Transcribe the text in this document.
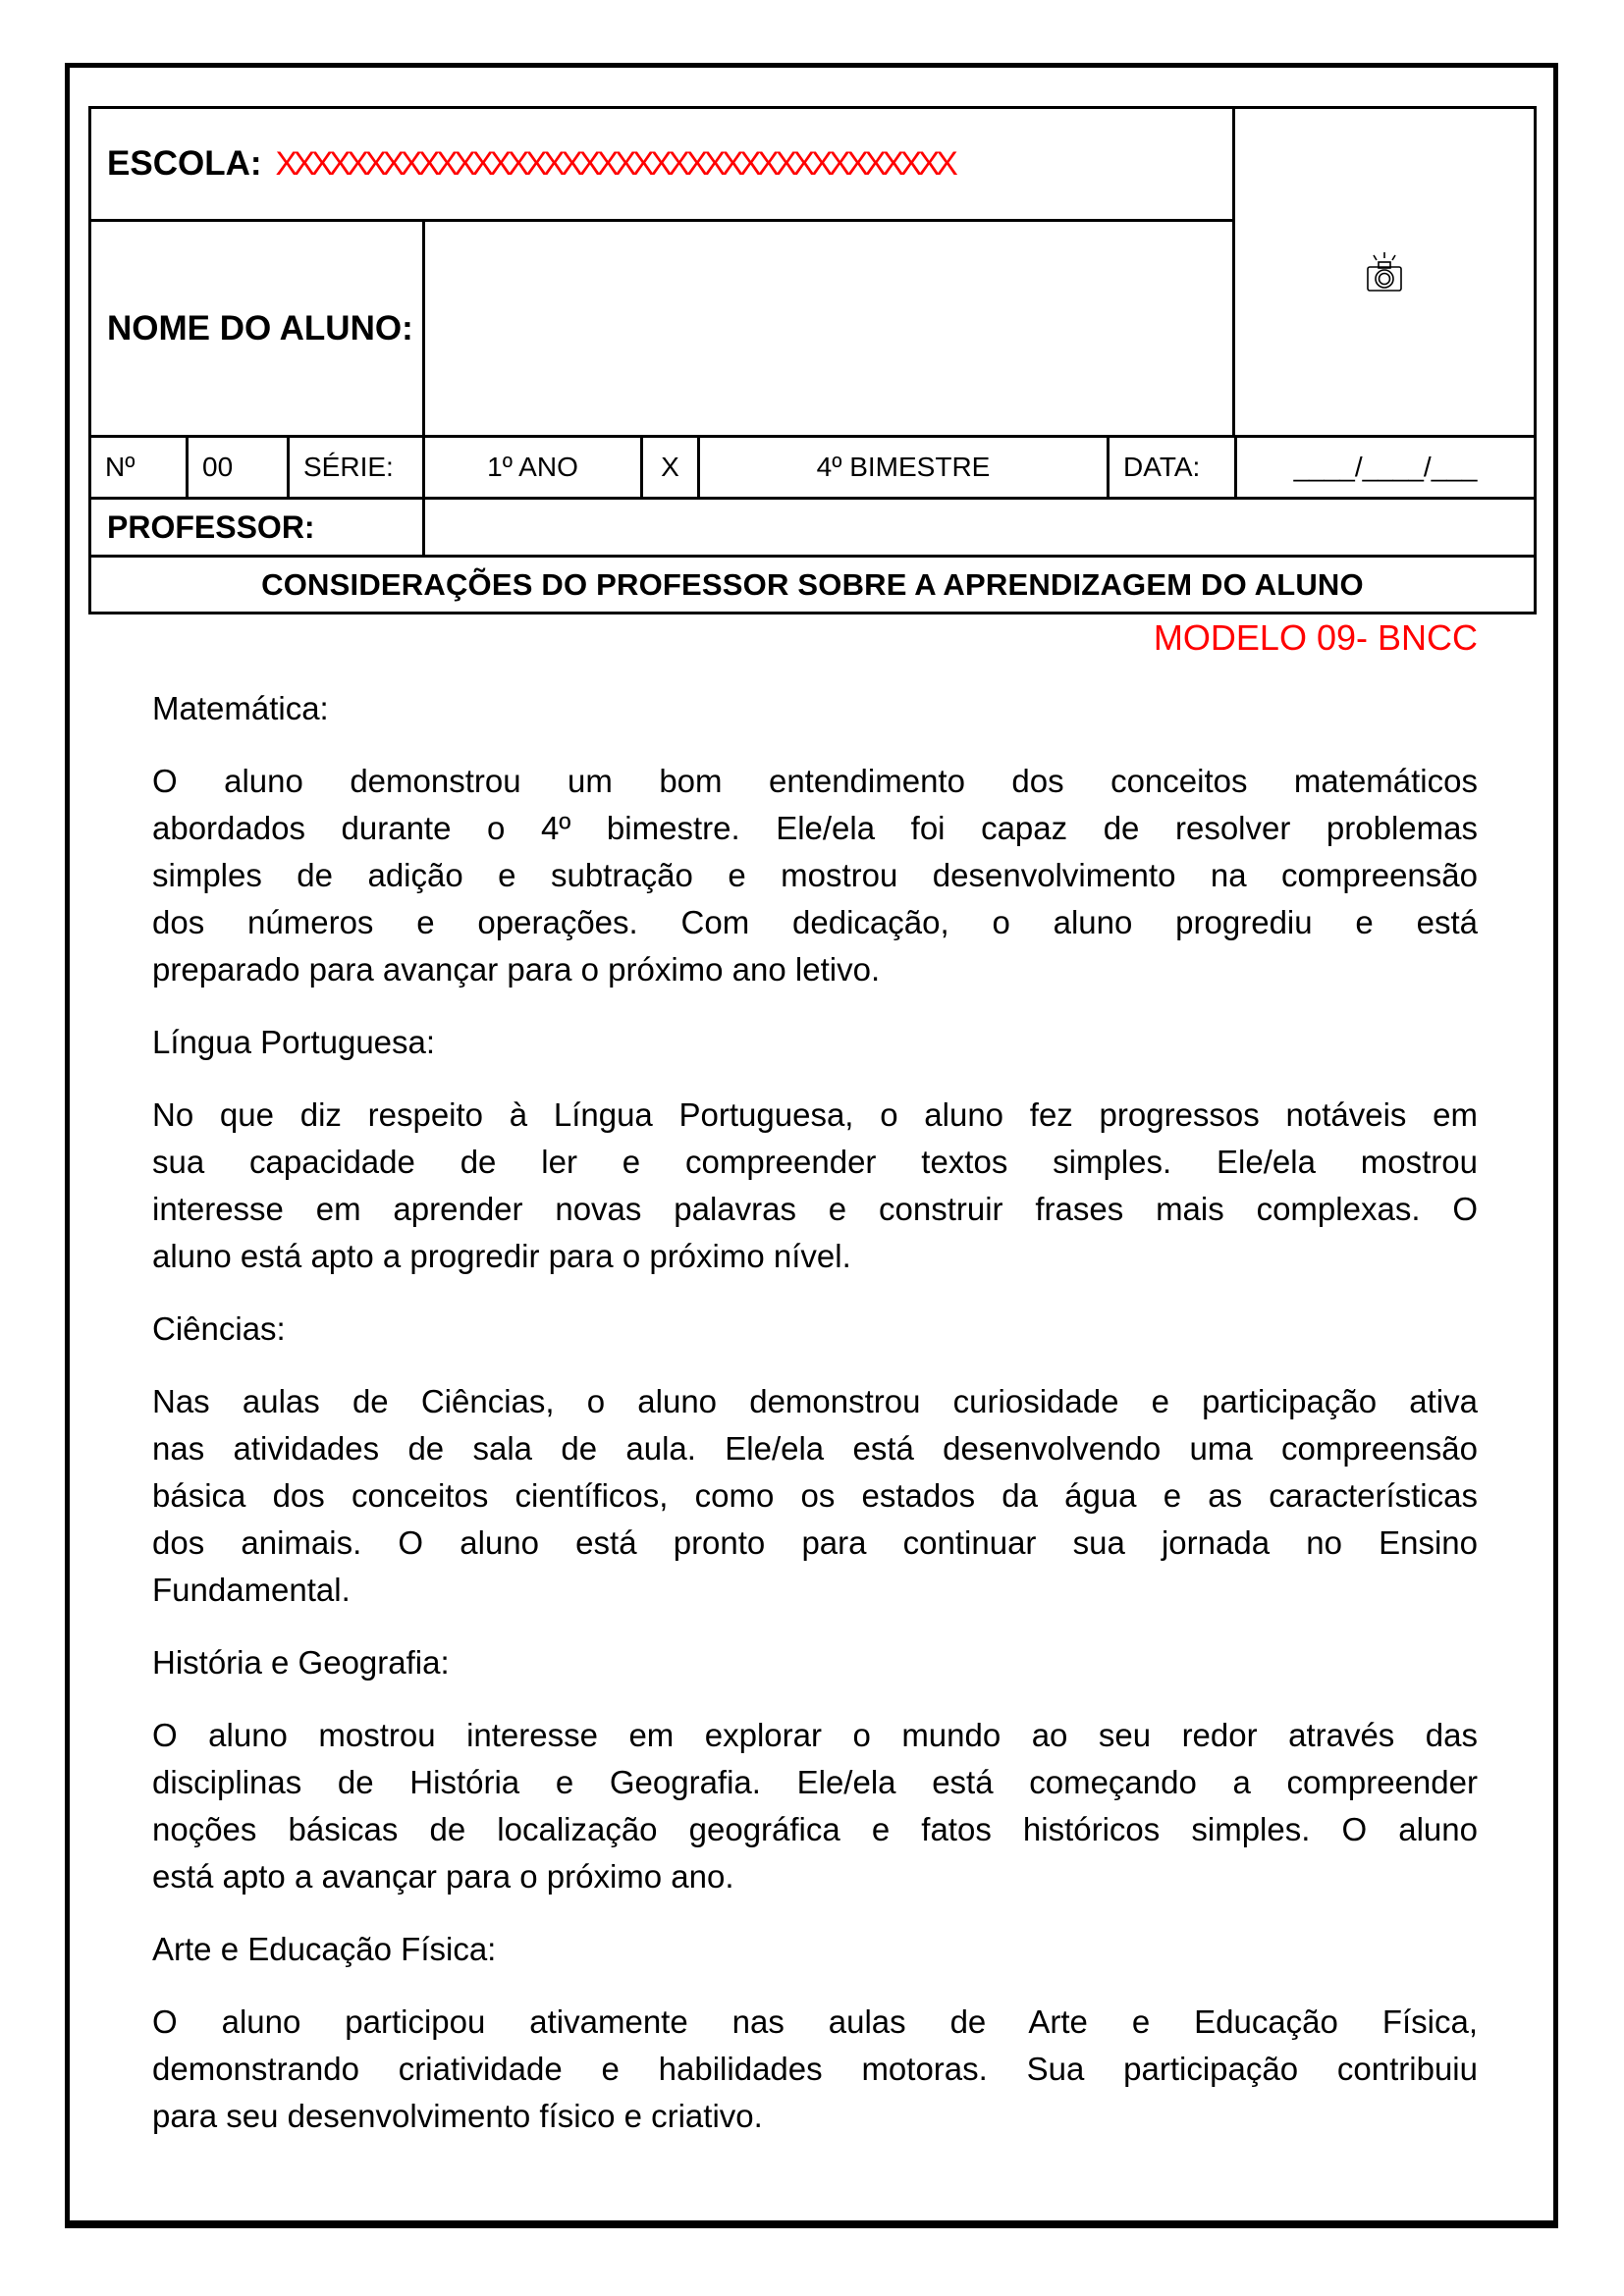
ESCOLA: XXXXXXXXXXXXXXXXXXXXXXXXXXXXXXXXXXXXXX
NOME DO ALUNO:
Nº	00	SÉRIE:	1º ANO	X	4º BIMESTRE	DATA:	____/____/___
PROFESSOR:
CONSIDERAÇÕES DO PROFESSOR SOBRE A APRENDIZAGEM DO ALUNO
MODELO 09- BNCC
Matemática:
O aluno demonstrou um bom entendimento dos conceitos matemáticos
abordados durante o 4º bimestre. Ele/ela foi capaz de resolver problemas
simples de adição e subtração e mostrou desenvolvimento na compreensão
dos números e operações. Com dedicação, o aluno progrediu e está
preparado para avançar para o próximo ano letivo.
Língua Portuguesa:
No que diz respeito à Língua Portuguesa, o aluno fez progressos notáveis em
sua capacidade de ler e compreender textos simples. Ele/ela mostrou
interesse em aprender novas palavras e construir frases mais complexas. O
aluno está apto a progredir para o próximo nível.
Ciências:
Nas aulas de Ciências, o aluno demonstrou curiosidade e participação ativa
nas atividades de sala de aula. Ele/ela está desenvolvendo uma compreensão
básica dos conceitos científicos, como os estados da água e as características
dos animais. O aluno está pronto para continuar sua jornada no Ensino
Fundamental.
História e Geografia:
O aluno mostrou interesse em explorar o mundo ao seu redor através das
disciplinas de História e Geografia. Ele/ela está começando a compreender
noções básicas de localização geográfica e fatos históricos simples. O aluno
está apto a avançar para o próximo ano.
Arte e Educação Física:
O aluno participou ativamente nas aulas de Arte e Educação Física,
demonstrando criatividade e habilidades motoras. Sua participação contribuiu
para seu desenvolvimento físico e criativo.
